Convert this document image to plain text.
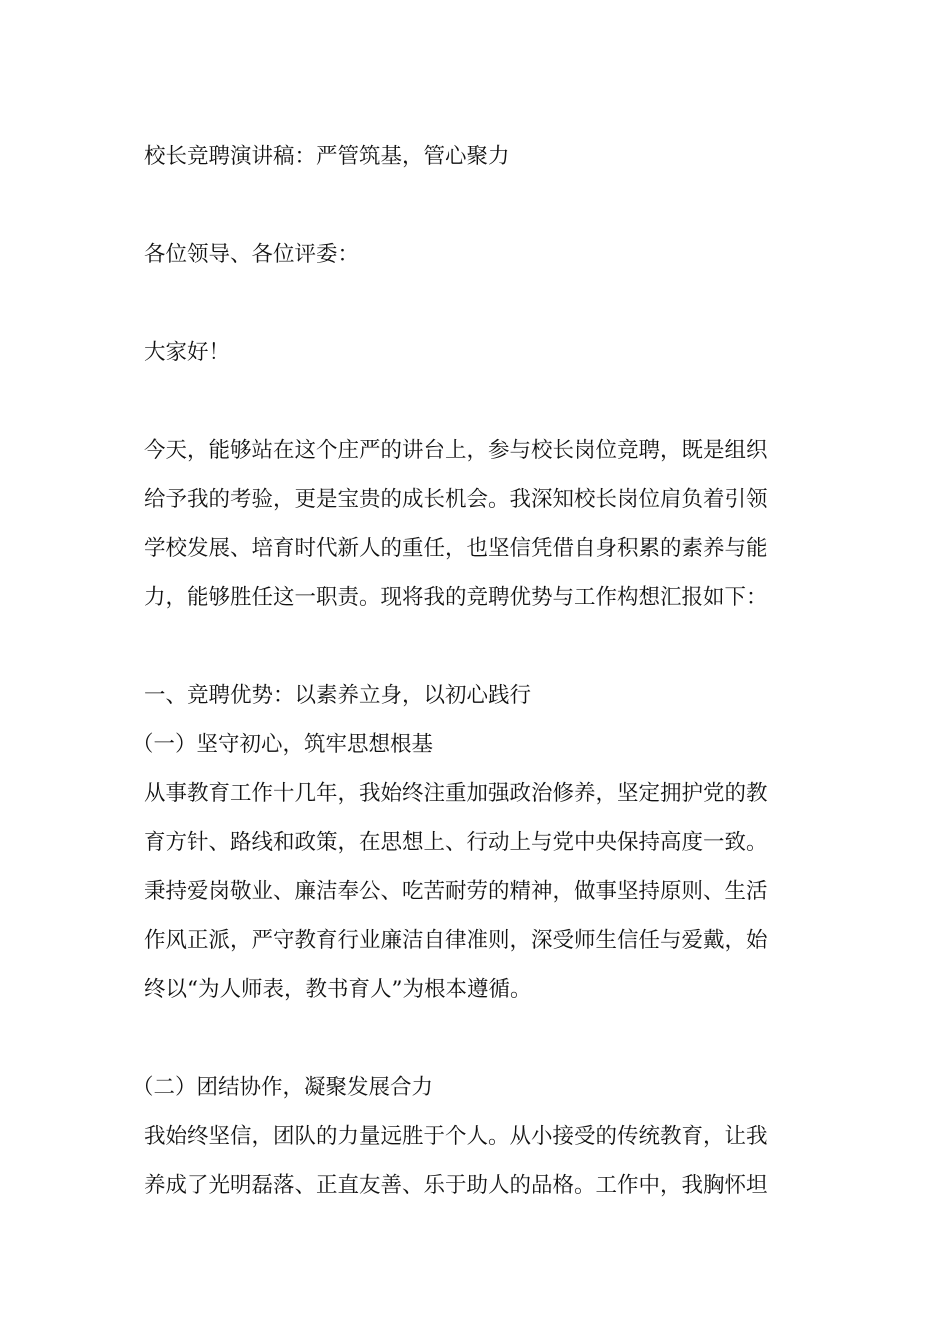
校长竞聘演讲稿：严管筑基，管心聚力
各位领导、各位评委：
大家好！
今天，能够站在这个庄严的讲台上，参与校长岗位竞聘，既是组织
给予我的考验，更是宝贵的成长机会。我深知校长岗位肩负着引领
学校发展、培育时代新人的重任，也坚信凭借自身积累的素养与能
力，能够胜任这一职责。现将我的竞聘优势与工作构想汇报如下：
一、竞聘优势：以素养立身，以初心践行
（一）坚守初心，筑牢思想根基
从事教育工作十几年，我始终注重加强政治修养，坚定拥护党的教
育方针、路线和政策，在思想上、行动上与党中央保持高度一致。
秉持爱岗敬业、廉洁奉公、吃苦耐劳的精神，做事坚持原则、生活
作风正派，严守教育行业廉洁自律准则，深受师生信任与爱戴，始
终以“为人师表，教书育人”为根本遵循。
（二）团结协作，凝聚发展合力
我始终坚信，团队的力量远胜于个人。从小接受的传统教育，让我
养成了光明磊落、正直友善、乐于助人的品格。工作中，我胸怀坦
